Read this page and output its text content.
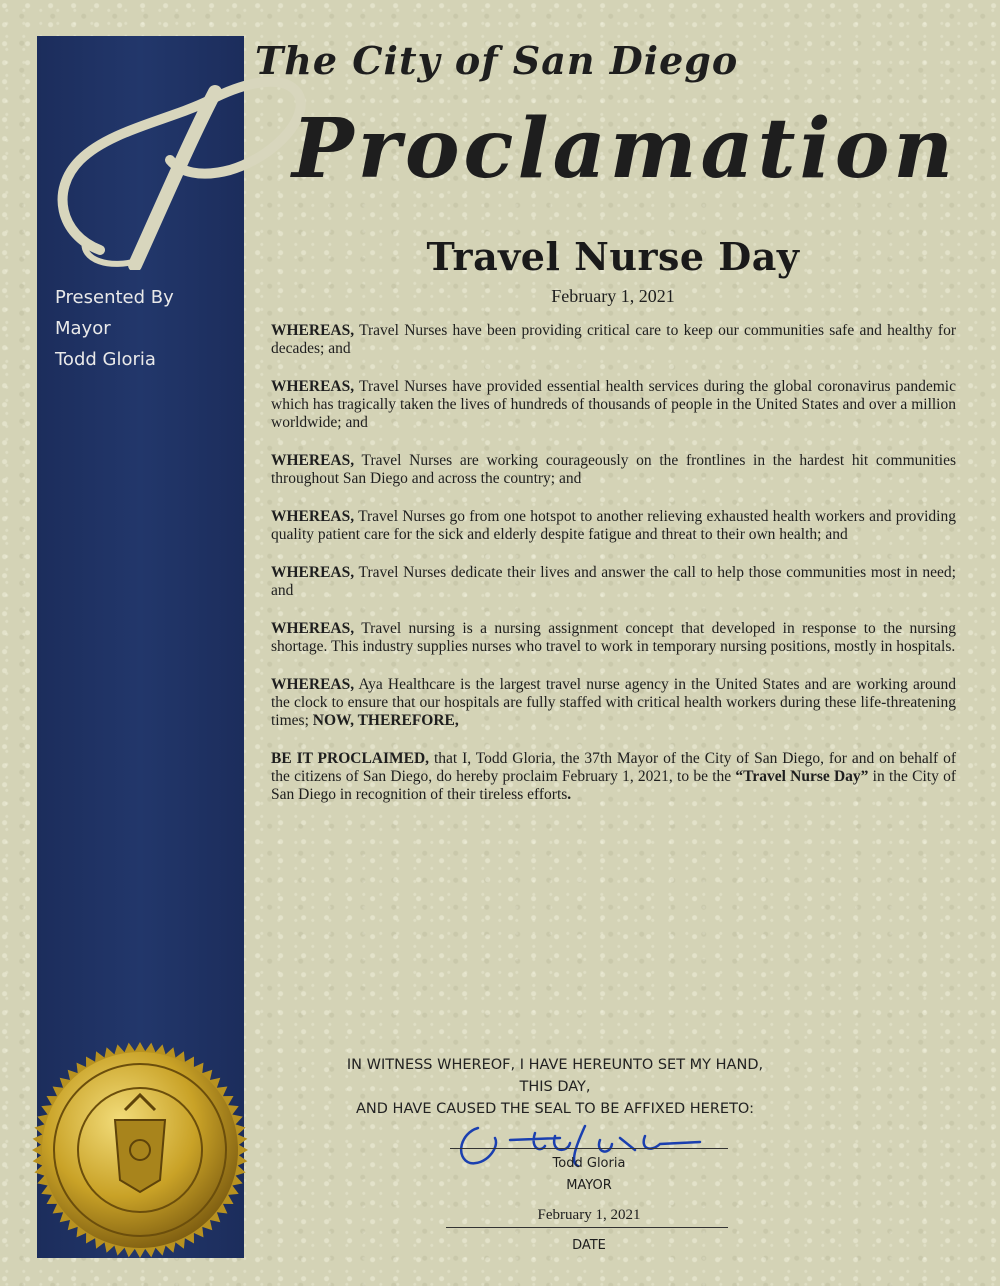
The City of San Diego
Proclamation
Presented By
Mayor
Todd Gloria
Travel Nurse Day
February 1, 2021

WHEREAS, Travel Nurses have been providing critical care to keep our communities safe and healthy for decades; and

WHEREAS, Travel Nurses have provided essential health services during the global coronavirus pandemic which has tragically taken the lives of hundreds of thousands of people in the United States and over a million worldwide; and

WHEREAS, Travel Nurses are working courageously on the frontlines in the hardest hit communities throughout San Diego and across the country; and

WHEREAS, Travel Nurses go from one hotspot to another relieving exhausted health workers and providing quality patient care for the sick and elderly despite fatigue and threat to their own health; and

WHEREAS, Travel Nurses dedicate their lives and answer the call to help those communities most in need; and

WHEREAS, Travel nursing is a nursing assignment concept that developed in response to the nursing shortage. This industry supplies nurses who travel to work in temporary nursing positions, mostly in hospitals.

WHEREAS, Aya Healthcare is the largest travel nurse agency in the United States and are working around the clock to ensure that our hospitals are fully staffed with critical health workers during these life-threatening times; NOW, THEREFORE,

BE IT PROCLAIMED, that I, Todd Gloria, the 37th Mayor of the City of San Diego, for and on behalf of the citizens of San Diego, do hereby proclaim February 1, 2021, to be the “Travel Nurse Day” in the City of San Diego in recognition of their tireless efforts.

IN WITNESS WHEREOF, I HAVE HEREUNTO SET MY HAND, THIS DAY,
AND HAVE CAUSED THE SEAL TO BE AFFIXED HERETO:
Todd Gloria
MAYOR
February 1, 2021
DATE
